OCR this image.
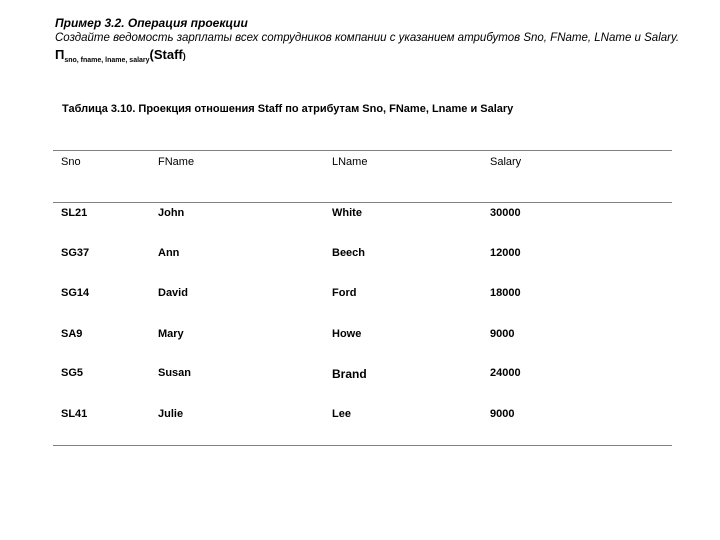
Пример 3.2. Операция проекции
Создайте ведомость зарплаты всех сотрудников компании с указанием атрибутов Sno, FName, LName и Salary.
Пsno, fname, lname, salary(Staff)
Таблица 3.10. Проекция отношения Staff по атрибутам Sno, FName, Lname и Salary
Sno	FName	LName	Salary
SL21	John	White	30000
SG37	Ann	Beech	12000
SG14	David	Ford	18000
SA9	Mary	Howe	9000
SG5	Susan	Brand	24000
SL41	Julie	Lee	9000
